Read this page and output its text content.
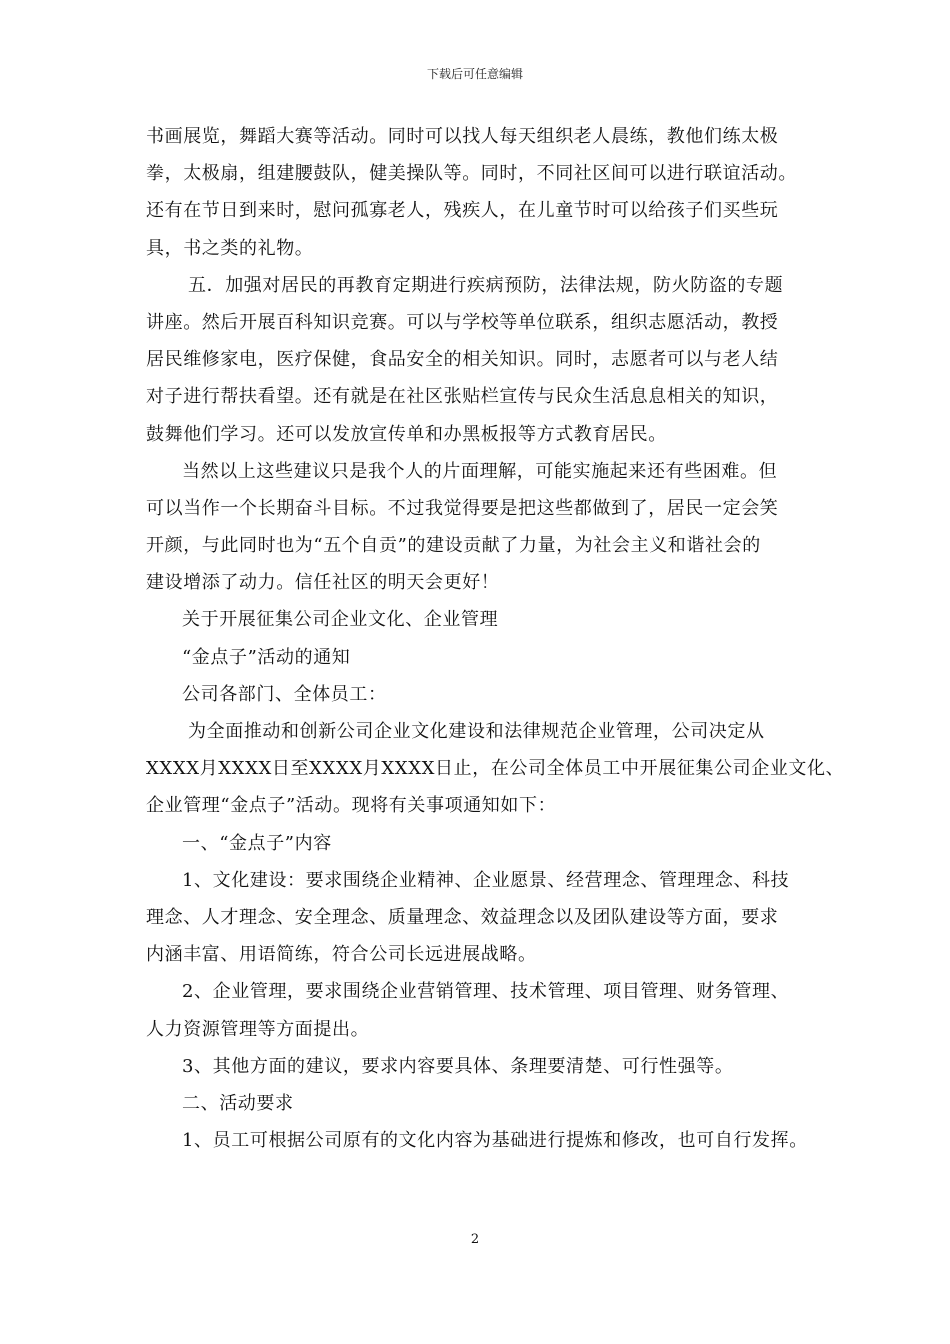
下载后可任意编辑
书画展览，舞蹈大赛等活动。同时可以找人每天组织老人晨练，教他们练太极
拳，太极扇，组建腰鼓队，健美操队等。同时，不同社区间可以进行联谊活动。
还有在节日到来时，慰问孤寡老人，残疾人，在儿童节时可以给孩子们买些玩
具，书之类的礼物。
五．加强对居民的再教育定期进行疾病预防，法律法规，防火防盗的专题
讲座。然后开展百科知识竞赛。可以与学校等单位联系，组织志愿活动，教授
居民维修家电，医疗保健，食品安全的相关知识。同时，志愿者可以与老人结
对子进行帮扶看望。还有就是在社区张贴栏宣传与民众生活息息相关的知识，
鼓舞他们学习。还可以发放宣传单和办黑板报等方式教育居民。
当然以上这些建议只是我个人的片面理解，可能实施起来还有些困难。但
可以当作一个长期奋斗目标。不过我觉得要是把这些都做到了，居民一定会笑
开颜，与此同时也为“五个自贡”的建设贡献了力量，为社会主义和谐社会的
建设增添了动力。信任社区的明天会更好！
关于开展征集公司企业文化、企业管理
“金点子”活动的通知
公司各部门、全体员工：
为全面推动和创新公司企业文化建设和法律规范企业管理，公司决定从
XXXX月XXXX日至XXXX月XXXX日止，在公司全体员工中开展征集公司企业文化、
企业管理“金点子”活动。现将有关事项通知如下：
一、“金点子”内容
1、文化建设：要求围绕企业精神、企业愿景、经营理念、管理理念、科技
理念、人才理念、安全理念、质量理念、效益理念以及团队建设等方面，要求
内涵丰富、用语简练，符合公司长远进展战略。
2、企业管理，要求围绕企业营销管理、技术管理、项目管理、财务管理、
人力资源管理等方面提出。
3、其他方面的建议，要求内容要具体、条理要清楚、可行性强等。
二、活动要求
1、员工可根据公司原有的文化内容为基础进行提炼和修改，也可自行发挥。
2
